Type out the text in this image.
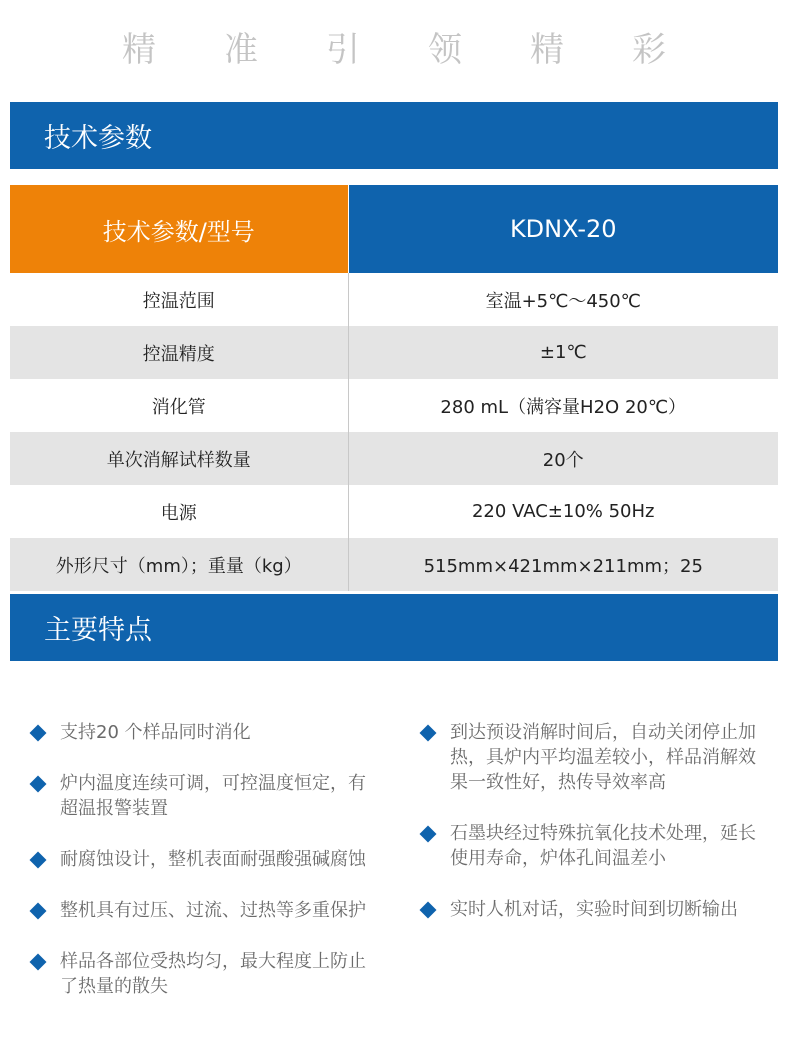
精	准	引	领	精	彩
技术参数
技术参数/型号	KDNX-20
控温范围	室温+5℃～450℃
控温精度	±1℃
消化管	280 mL（满容量H2O 20℃）
单次消解试样数量	20个
电源	220 VAC±10% 50Hz
外形尺寸（mm）；重量（kg）	515mm×421mm×211mm；25
主要特点
支持20 个样品同时消化
炉内温度连续可调，可控温度恒定，有超温报警装置
耐腐蚀设计，整机表面耐强酸强碱腐蚀
整机具有过压、过流、过热等多重保护
样品各部位受热均匀，最大程度上防止了热量的散失
到达预设消解时间后，自动关闭停止加热，具炉内平均温差较小，样品消解效果一致性好，热传导效率高
石墨块经过特殊抗氧化技术处理，延长使用寿命，炉体孔间温差小
实时人机对话，实验时间到切断输出
